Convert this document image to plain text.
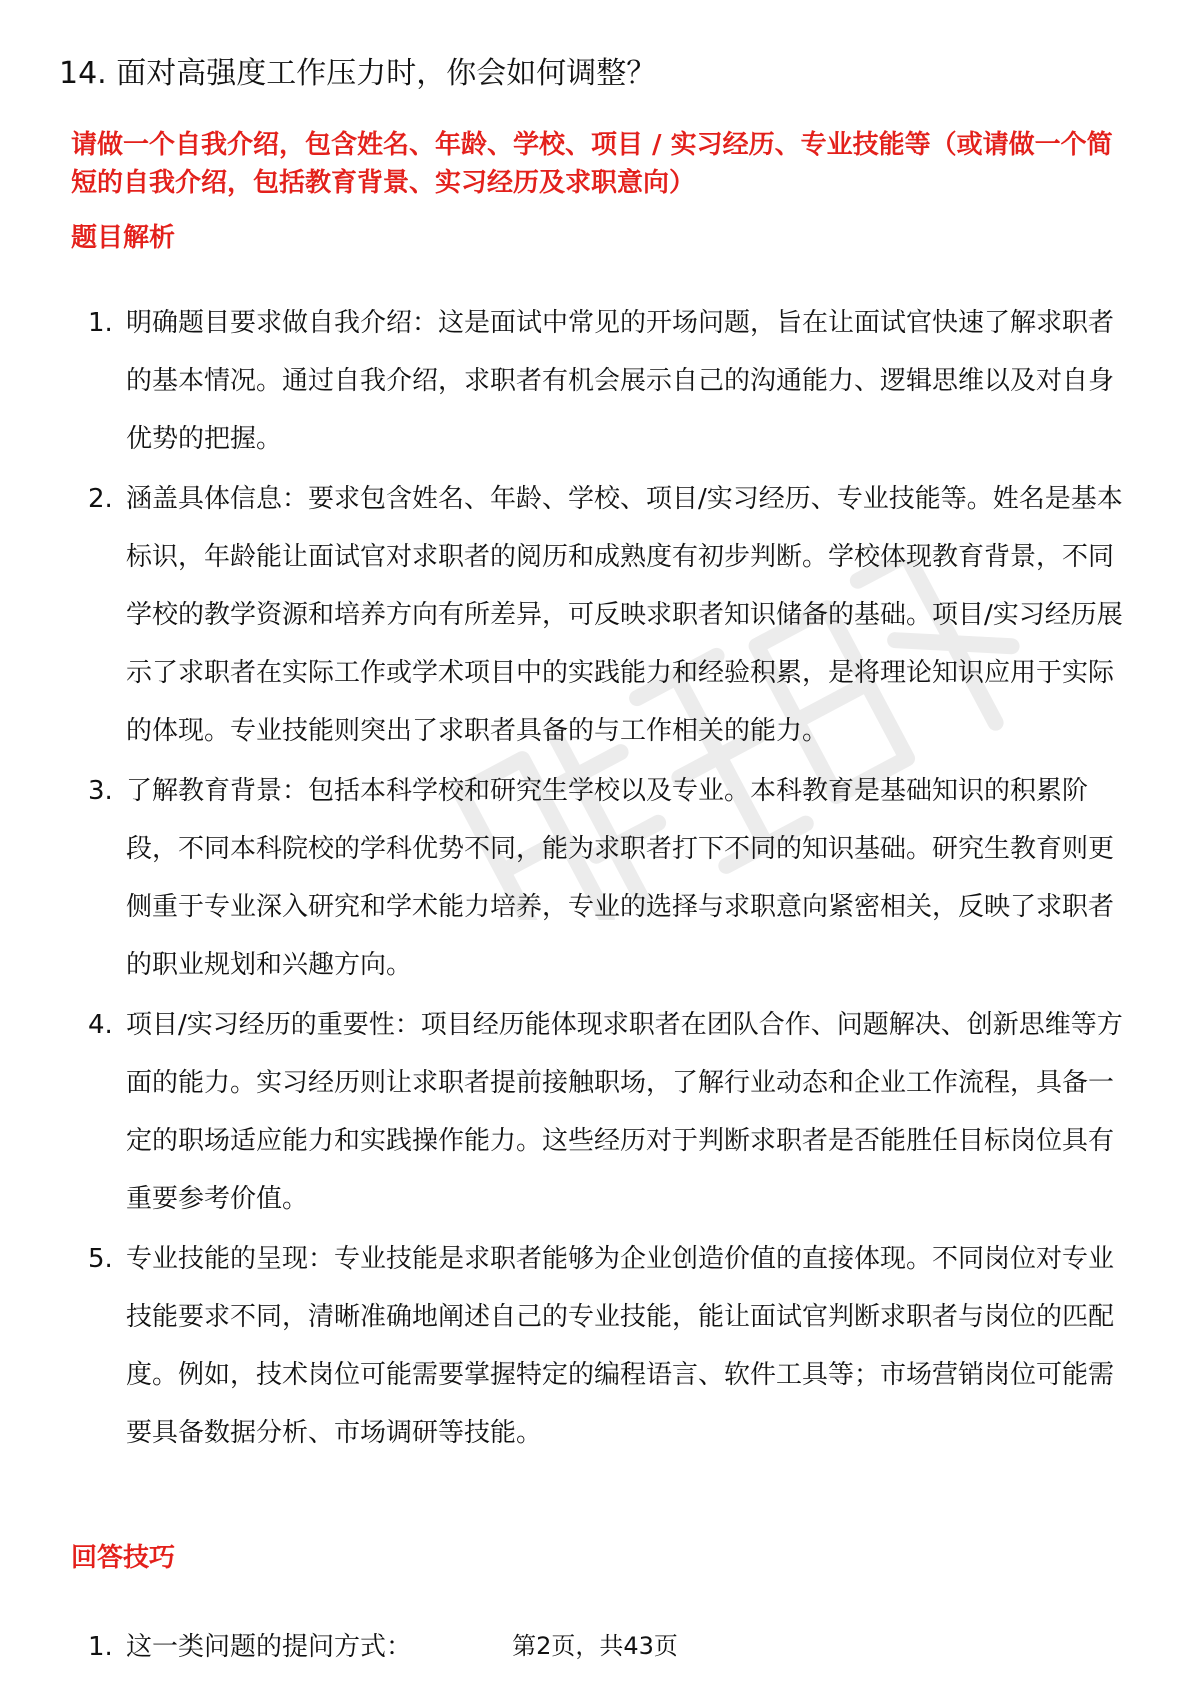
14. 面对高强度工作压力时，你会如何调整？
请做一个自我介绍，包含姓名、年龄、学校、项目 / 实习经历、专业技能等（或请做一个简短的自我介绍，包括教育背景、实习经历及求职意向）
题目解析
1. 明确题目要求做自我介绍：这是面试中常见的开场问题，旨在让面试官快速了解求职者的基本情况。通过自我介绍，求职者有机会展示自己的沟通能力、逻辑思维以及对自身优势的把握。
2. 涵盖具体信息：要求包含姓名、年龄、学校、项目/实习经历、专业技能等。姓名是基本标识，年龄能让面试官对求职者的阅历和成熟度有初步判断。学校体现教育背景，不同学校的教学资源和培养方向有所差异，可反映求职者知识储备的基础。项目/实习经历展示了求职者在实际工作或学术项目中的实践能力和经验积累，是将理论知识应用于实际的体现。专业技能则突出了求职者具备的与工作相关的能力。
3. 了解教育背景：包括本科学校和研究生学校以及专业。本科教育是基础知识的积累阶段，不同本科院校的学科优势不同，能为求职者打下不同的知识基础。研究生教育则更侧重于专业深入研究和学术能力培养，专业的选择与求职意向紧密相关，反映了求职者的职业规划和兴趣方向。
4. 项目/实习经历的重要性：项目经历能体现求职者在团队合作、问题解决、创新思维等方面的能力。实习经历则让求职者提前接触职场，了解行业动态和企业工作流程，具备一定的职场适应能力和实践操作能力。这些经历对于判断求职者是否能胜任目标岗位具有重要参考价值。
5. 专业技能的呈现：专业技能是求职者能够为企业创造价值的直接体现。不同岗位对专业技能要求不同，清晰准确地阐述自己的专业技能，能让面试官判断求职者与岗位的匹配度。例如，技术岗位可能需要掌握特定的编程语言、软件工具等；市场营销岗位可能需要具备数据分析、市场调研等技能。
回答技巧
1. 这一类问题的提问方式：	第2页，共43页
